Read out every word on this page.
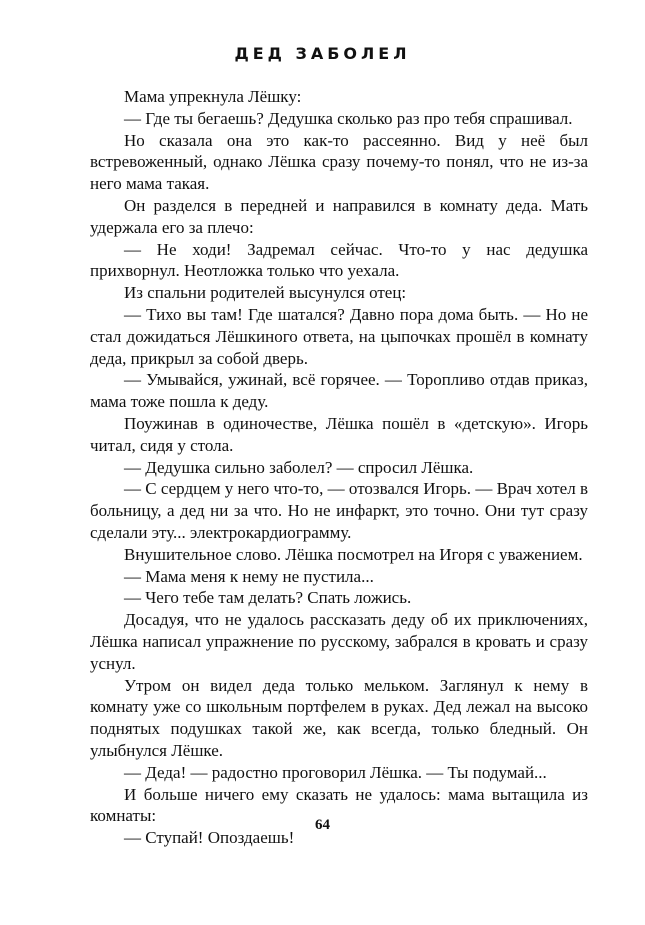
ДЕД ЗАБОЛЕЛ

Мама упрекнула Лёшку:

— Где ты бегаешь? Дедушка сколько раз про тебя спрашивал.

Но сказала она это как-то рассеянно. Вид у неё был встревоженный, однако Лёшка сразу почему-то понял, что не из-за него мама такая.

Он разделся в передней и направился в комнату деда. Мать удержала его за плечо:

— Не ходи! Задремал сейчас. Что-то у нас дедушка прихворнул. Неотложка только что уехала.

Из спальни родителей высунулся отец:

— Тихо вы там! Где шатался? Давно пора дома быть. — Но не стал дожидаться Лёшкиного ответа, на цыпочках прошёл в комнату деда, прикрыл за собой дверь.

— Умывайся, ужинай, всё горячее. — Торопливо отдав приказ, мама тоже пошла к деду.

Поужинав в одиночестве, Лёшка пошёл в «детскую». Игорь читал, сидя у стола.

— Дедушка сильно заболел? — спросил Лёшка.

— С сердцем у него что-то, — отозвался Игорь. — Врач хотел в больницу, а дед ни за что. Но не инфаркт, это точно. Они тут сразу сделали эту... электрокардиограмму.

Внушительное слово. Лёшка посмотрел на Игоря с уважением.

— Мама меня к нему не пустила...

— Чего тебе там делать? Спать ложись.

Досадуя, что не удалось рассказать деду об их приключениях, Лёшка написал упражнение по русскому, забрался в кровать и сразу уснул.

Утром он видел деда только мельком. Заглянул к нему в комнату уже со школьным портфелем в руках. Дед лежал на высоко поднятых подушках такой же, как всегда, только бледный. Он улыбнулся Лёшке.

— Деда! — радостно проговорил Лёшка. — Ты подумай...

И больше ничего ему сказать не удалось: мама вытащила из комнаты:

— Ступай! Опоздаешь!

64
